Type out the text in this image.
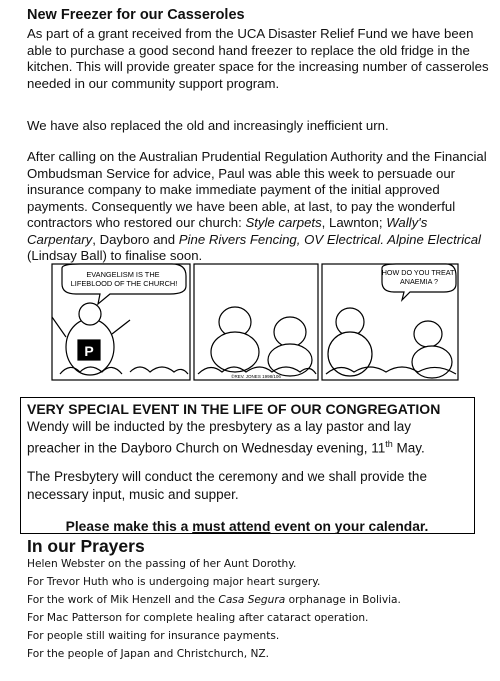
New Freezer for our Casseroles

As part of a grant received from the UCA Disaster Relief Fund we have been able to purchase a good second hand freezer to replace the old fridge in the kitchen. This will provide greater space for the increasing number of casseroles needed in our community support program.

We have also replaced the old and increasingly inefficient urn.

After calling on the Australian Prudential Regulation Authority and the Financial Ombudsman Service for advice, Paul was able this week to persuade our insurance company to make immediate payment of the initial approved payments. Consequently we have been able, at last, to pay the wonderful contractors who restored our church: Style carpets, Lawnton; Wally's Carpentary, Dayboro and Pine Rivers Fencing, OV Electrical. Alpine Electrical (Lindsay Ball) to finalise soon.

EVANGELISM IS THE LIFEBLOOD OF THE CHURCH!
HOW DO YOU TREAT ANAEMIA ?
P
©REV. JONES 1998/106
VERY SPECIAL EVENT IN THE LIFE OF OUR CONGREGATION

Wendy will be inducted by the presbytery as a lay pastor and lay preacher in the Dayboro Church on Wednesday evening, 11th May.

The Presbytery will conduct the ceremony and we shall provide the necessary input, music and supper.

Please make this a must attend event on your calendar.

In our Prayers
Helen Webster on the passing of her Aunt Dorothy.
For Trevor Huth who is undergoing major heart surgery.
For the work of Mik Henzell and the Casa Segura orphanage in Bolivia.
For Mac Patterson for complete healing after cataract operation.
For people still waiting for insurance payments.
For the people of Japan and Christchurch, NZ.
